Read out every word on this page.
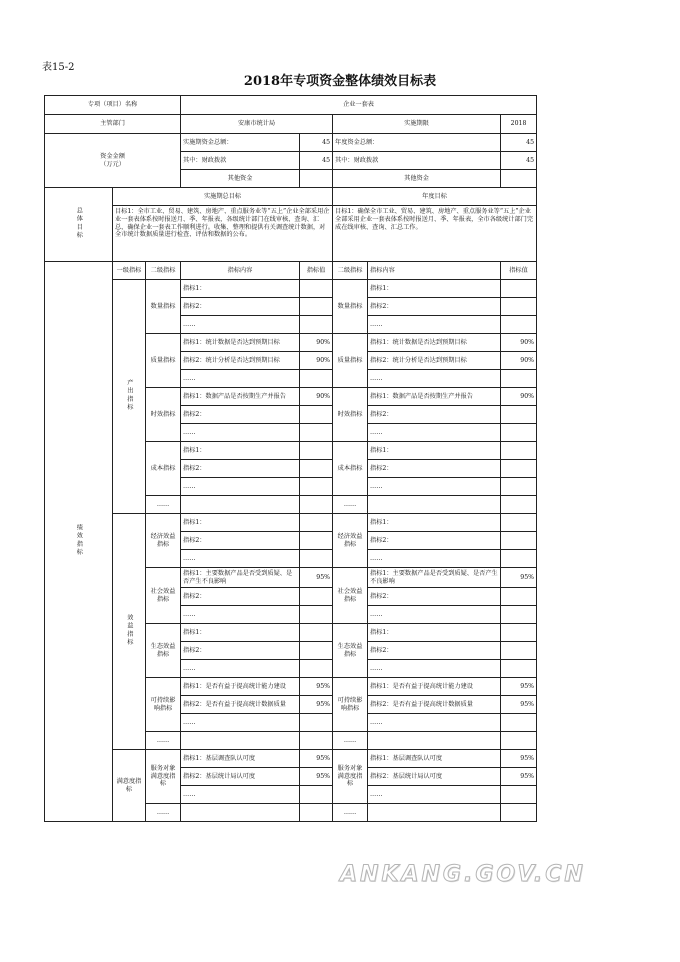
表15-2
2018年专项资金整体绩效目标表
专项（项目）名称			企业一套表				
主管部门			安康市统计局		实施期限		2018
资金金额
（万元）			实施期资金总额：	45	年度资金总额：		45
			其中：财政拨款	45	其中：财政拨款		45
			其他资金		其他资金		
总体目标	实施期总目标				年度目标		
	目标1：全市工业、贸易、建筑、房地产、重点服务业等“五上”企业全部采用企业一套表体系按时报送月、季、年报表，各级统计部门在线审核、查询、汇总，确保企业一套表工作顺利进行。收集、整理和提供有关调查统计数据，对全市统计数据质量进行检查、评估和数据的公布。				目标1：确保全市工业、贸易、建筑、房地产、重点服务业等“五上”企业全部采用企业一套表体系按时报送月、季、年报表，全市各级统计部门完成在线审核、查询、汇总工作。		
绩效指标	一级指标	二级指标	指标内容	指标值	二级指标	指标内容	指标值
	产出指标	数量指标	指标1：		数量指标	指标1：	
			指标2：			指标2：	
			……			……	
		质量指标	指标1：统计数据是否达到预期目标	90%	质量指标	指标1：统计数据是否达到预期目标	90%
			指标2：统计分析是否达到预期目标	90%		指标2：统计分析是否达到预期目标	90%
			……			……	
		时效指标	指标1：数据产品是否按期生产并报告	90%	时效指标	指标1：数据产品是否按期生产并报告	90%
			指标2：			指标2：	
			……			……	
		成本指标	指标1：		成本指标	指标1：	
			指标2：			指标2：	
			……			……	
		……			……		
	效益指标	经济效益指标	指标1：		经济效益指标	指标1：	
			指标2：			指标2：	
			……			……	
		社会效益指标	指标1：主要数据产品是否受到质疑、是否产生不良影响	95%	社会效益指标	指标1：主要数据产品是否受到质疑、是否产生不良影响	95%
			指标2：			指标2：	
			……			……	
		生态效益指标	指标1：		生态效益指标	指标1：	
			指标2：			指标2：	
			……			……	
		可持续影响指标	指标1：是否有益于提高统计能力建设	95%	可持续影响指标	指标1：是否有益于提高统计能力建设	95%
			指标2：是否有益于提高统计数据质量	95%		指标2：是否有益于提高统计数据质量	95%
			……			……	
		……			……		
	满意度指标	服务对象满意度指标	指标1：基层调查队认可度	95%	服务对象满意度指标	指标1：基层调查队认可度	95%
			指标2：基层统计局认可度	95%		指标2：基层统计局认可度	95%
			……			……	
		……			……		
ANKANG.GOV.CN
